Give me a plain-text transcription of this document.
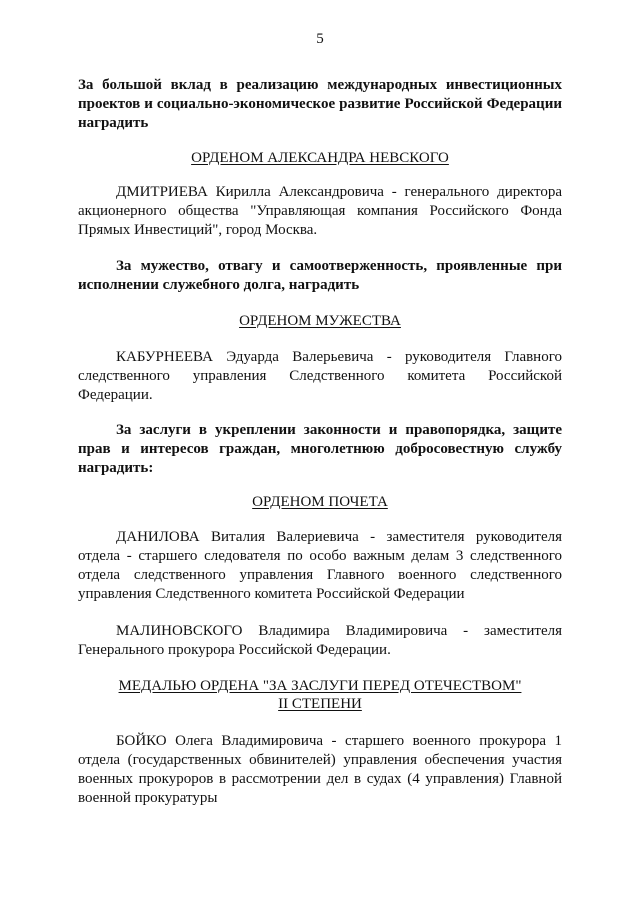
5
За большой вклад в реализацию международных инвестиционных проектов и социально-экономическое развитие Российской Федерации наградить
ОРДЕНОМ АЛЕКСАНДРА НЕВСКОГО
ДМИТРИЕВА Кирилла Александровича - генерального директора акционерного общества "Управляющая компания Российского Фонда Прямых Инвестиций", город Москва.
За мужество, отвагу и самоотверженность, проявленные при исполнении служебного долга, наградить
ОРДЕНОМ МУЖЕСТВА
КАБУРНЕЕВА Эдуарда Валерьевича - руководителя Главного следственного управления Следственного комитета Российской Федерации.
За заслуги в укреплении законности и правопорядка, защите прав и интересов граждан, многолетнюю добросовестную службу наградить:
ОРДЕНОМ ПОЧЕТА
ДАНИЛОВА Виталия Валериевича - заместителя руководителя отдела - старшего следователя по особо важным делам 3 следственного отдела следственного управления Главного военного следственного управления Следственного комитета Российской Федерации
МАЛИНОВСКОГО Владимира Владимировича - заместителя Генерального прокурора Российской Федерации.
МЕДАЛЬЮ ОРДЕНА "ЗА ЗАСЛУГИ ПЕРЕД ОТЕЧЕСТВОМ"
II СТЕПЕНИ
БОЙКО Олега Владимировича - старшего военного прокурора 1 отдела (государственных обвинителей) управления обеспечения участия военных прокуроров в рассмотрении дел в судах (4 управления) Главной военной прокуратуры
